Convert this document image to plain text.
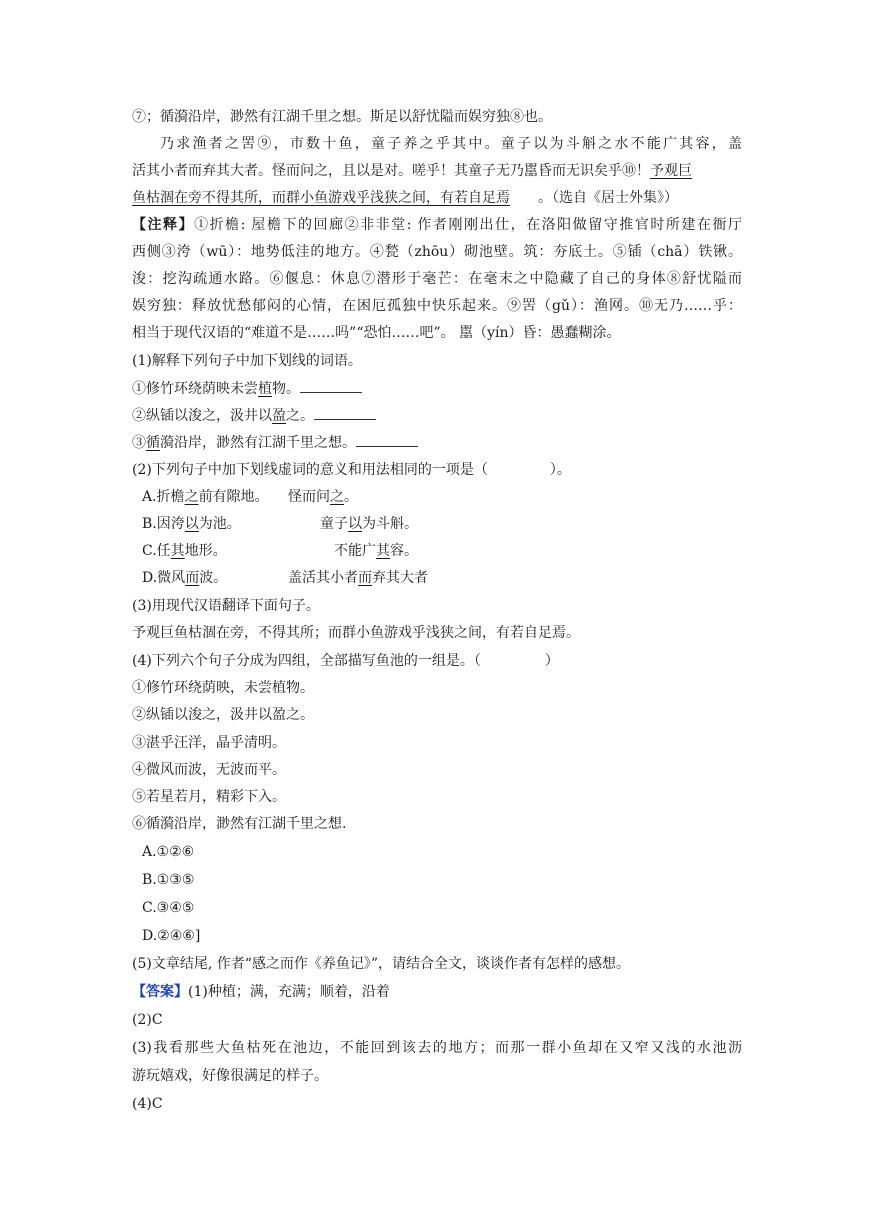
⑦；循漪沿岸，渺然有江湖千里之想。斯足以舒忧隘而娱穷独⑧也。
乃求渔者之罟⑨，市数十鱼，童子养之乎其中。童子以为斗斛之水不能广其容，盖
活其小者而弃其大者。怪而问之，且以是对。嗟乎！其童子无乃嚚昏而无识矣乎⑩！予观巨
鱼枯涸在旁不得其所，而群小鱼游戏乎浅狭之间，有若自足焉 。（选自《居士外集》）
【注释】①折檐: 屋檐下的回廊②非非堂: 作者刚刚出仕，在洛阳做留守推官时所建在衙厅
西侧③洿（wū）：地势低洼的地方。④甃（zhōu）砌池壁。筑：夯底土。⑤锸（chā）铁锹。
浚：挖沟疏通水路。⑥偃息：休息⑦潜形于毫芒：在毫末之中隐藏了自己的身体⑧舒忧隘而
娱穷独：释放忧愁郁闷的心情，在困厄孤独中快乐起来。⑨罟（gǔ）：渔网。⑩无乃……乎：
相当于现代汉语的“难道不是……吗”“恐怕……吧”。 嚚（yín）昏：愚蠢糊涂。
(1)解释下列句子中加下划线的词语。
①修竹环绕荫映未尝植物。
②纵锸以浚之，汲井以盈之。
③循漪沿岸，渺然有江湖千里之想。
(2)下列句子中加下划线虚词的意义和用法相同的一项是（	）。
A.折檐之前有隙地。 怪而问之。
B.因洿以为池。	童子以为斗斛。
C.任其地形。	不能广其容。
D.微风而波。	盖活其小者而弃其大者
(3)用现代汉语翻译下面句子。
予观巨鱼枯涸在旁，不得其所；而群小鱼游戏乎浅狭之间，有若自足焉。
(4)下列六个句子分成为四组，全部描写鱼池的一组是。（	）
①修竹环绕荫映，未尝植物。
②纵锸以浚之，汲井以盈之。
③湛乎汪洋，晶乎清明。
④微风而波，无波而平。
⑤若星若月，精彩下入。
⑥循漪沿岸，渺然有江湖千里之想.
A.①②⑥
B.①③⑤
C.③④⑤
D.②④⑥]
(5)文章结尾, 作者“感之而作《养鱼记》”，请结合全文，谈谈作者有怎样的感想。
【答案】(1)种植；满，充满；顺着，沿着
(2)C
(3)我看那些大鱼枯死在池边，不能回到该去的地方；而那一群小鱼却在又窄又浅的水池沥
游玩嬉戏，好像很满足的样子。
(4)C
